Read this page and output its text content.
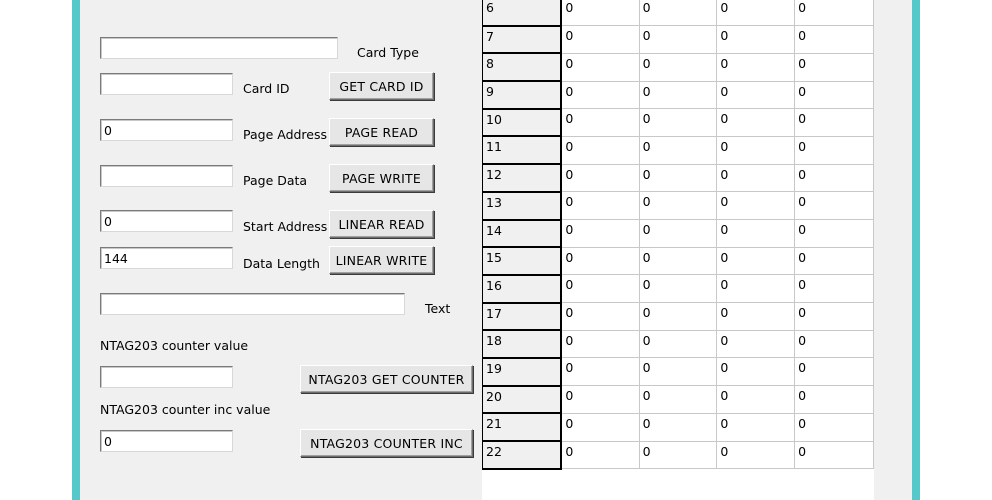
Card Type
Card ID	GET CARD ID
0
Page Address	PAGE READ
Page Data	PAGE WRITE
0
Start Address LINEAR READ
144
Data Length	LINEAR WRITE
Text
NTAG203 counter value
NTAG203 GET COUNTER
NTAG203 counter inc value
0
NTAG203 COUNTER INC
6	0	0	0	0
7	0	0	0	0
8	0	0	0	0
9	0	0	0	0
10	0	0	0	0
11	0	0	0	0
12	0	0	0	0
13	0	0	0	0
14	0	0	0	0
15	0	0	0	0
16	0	0	0	0
17	0	0	0	0
18	0	0	0	0
19	0	0	0	0
20	0	0	0	0
21	0	0	0	0
22	0	0	0	0
